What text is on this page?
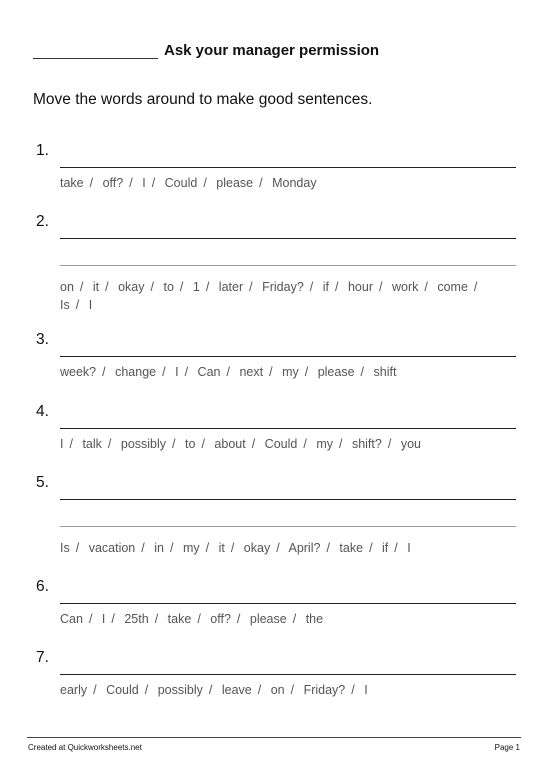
Ask your manager permission
Move the words around to make good sentences.
1.
take / off? / I / Could / please / Monday
2.
on / it / okay / to / 1 / later / Friday? / if / hour / work / come / Is / I
3.
week? / change / I / Can / next / my / please / shift
4.
I / talk / possibly / to / about / Could / my / shift? / you
5.
Is / vacation / in / my / it / okay / April? / take / if / I
6.
Can / I / 25th / take / off? / please / the
7.
early / Could / possibly / leave / on / Friday? / I
Created at Quickworksheets.net	Page 1
